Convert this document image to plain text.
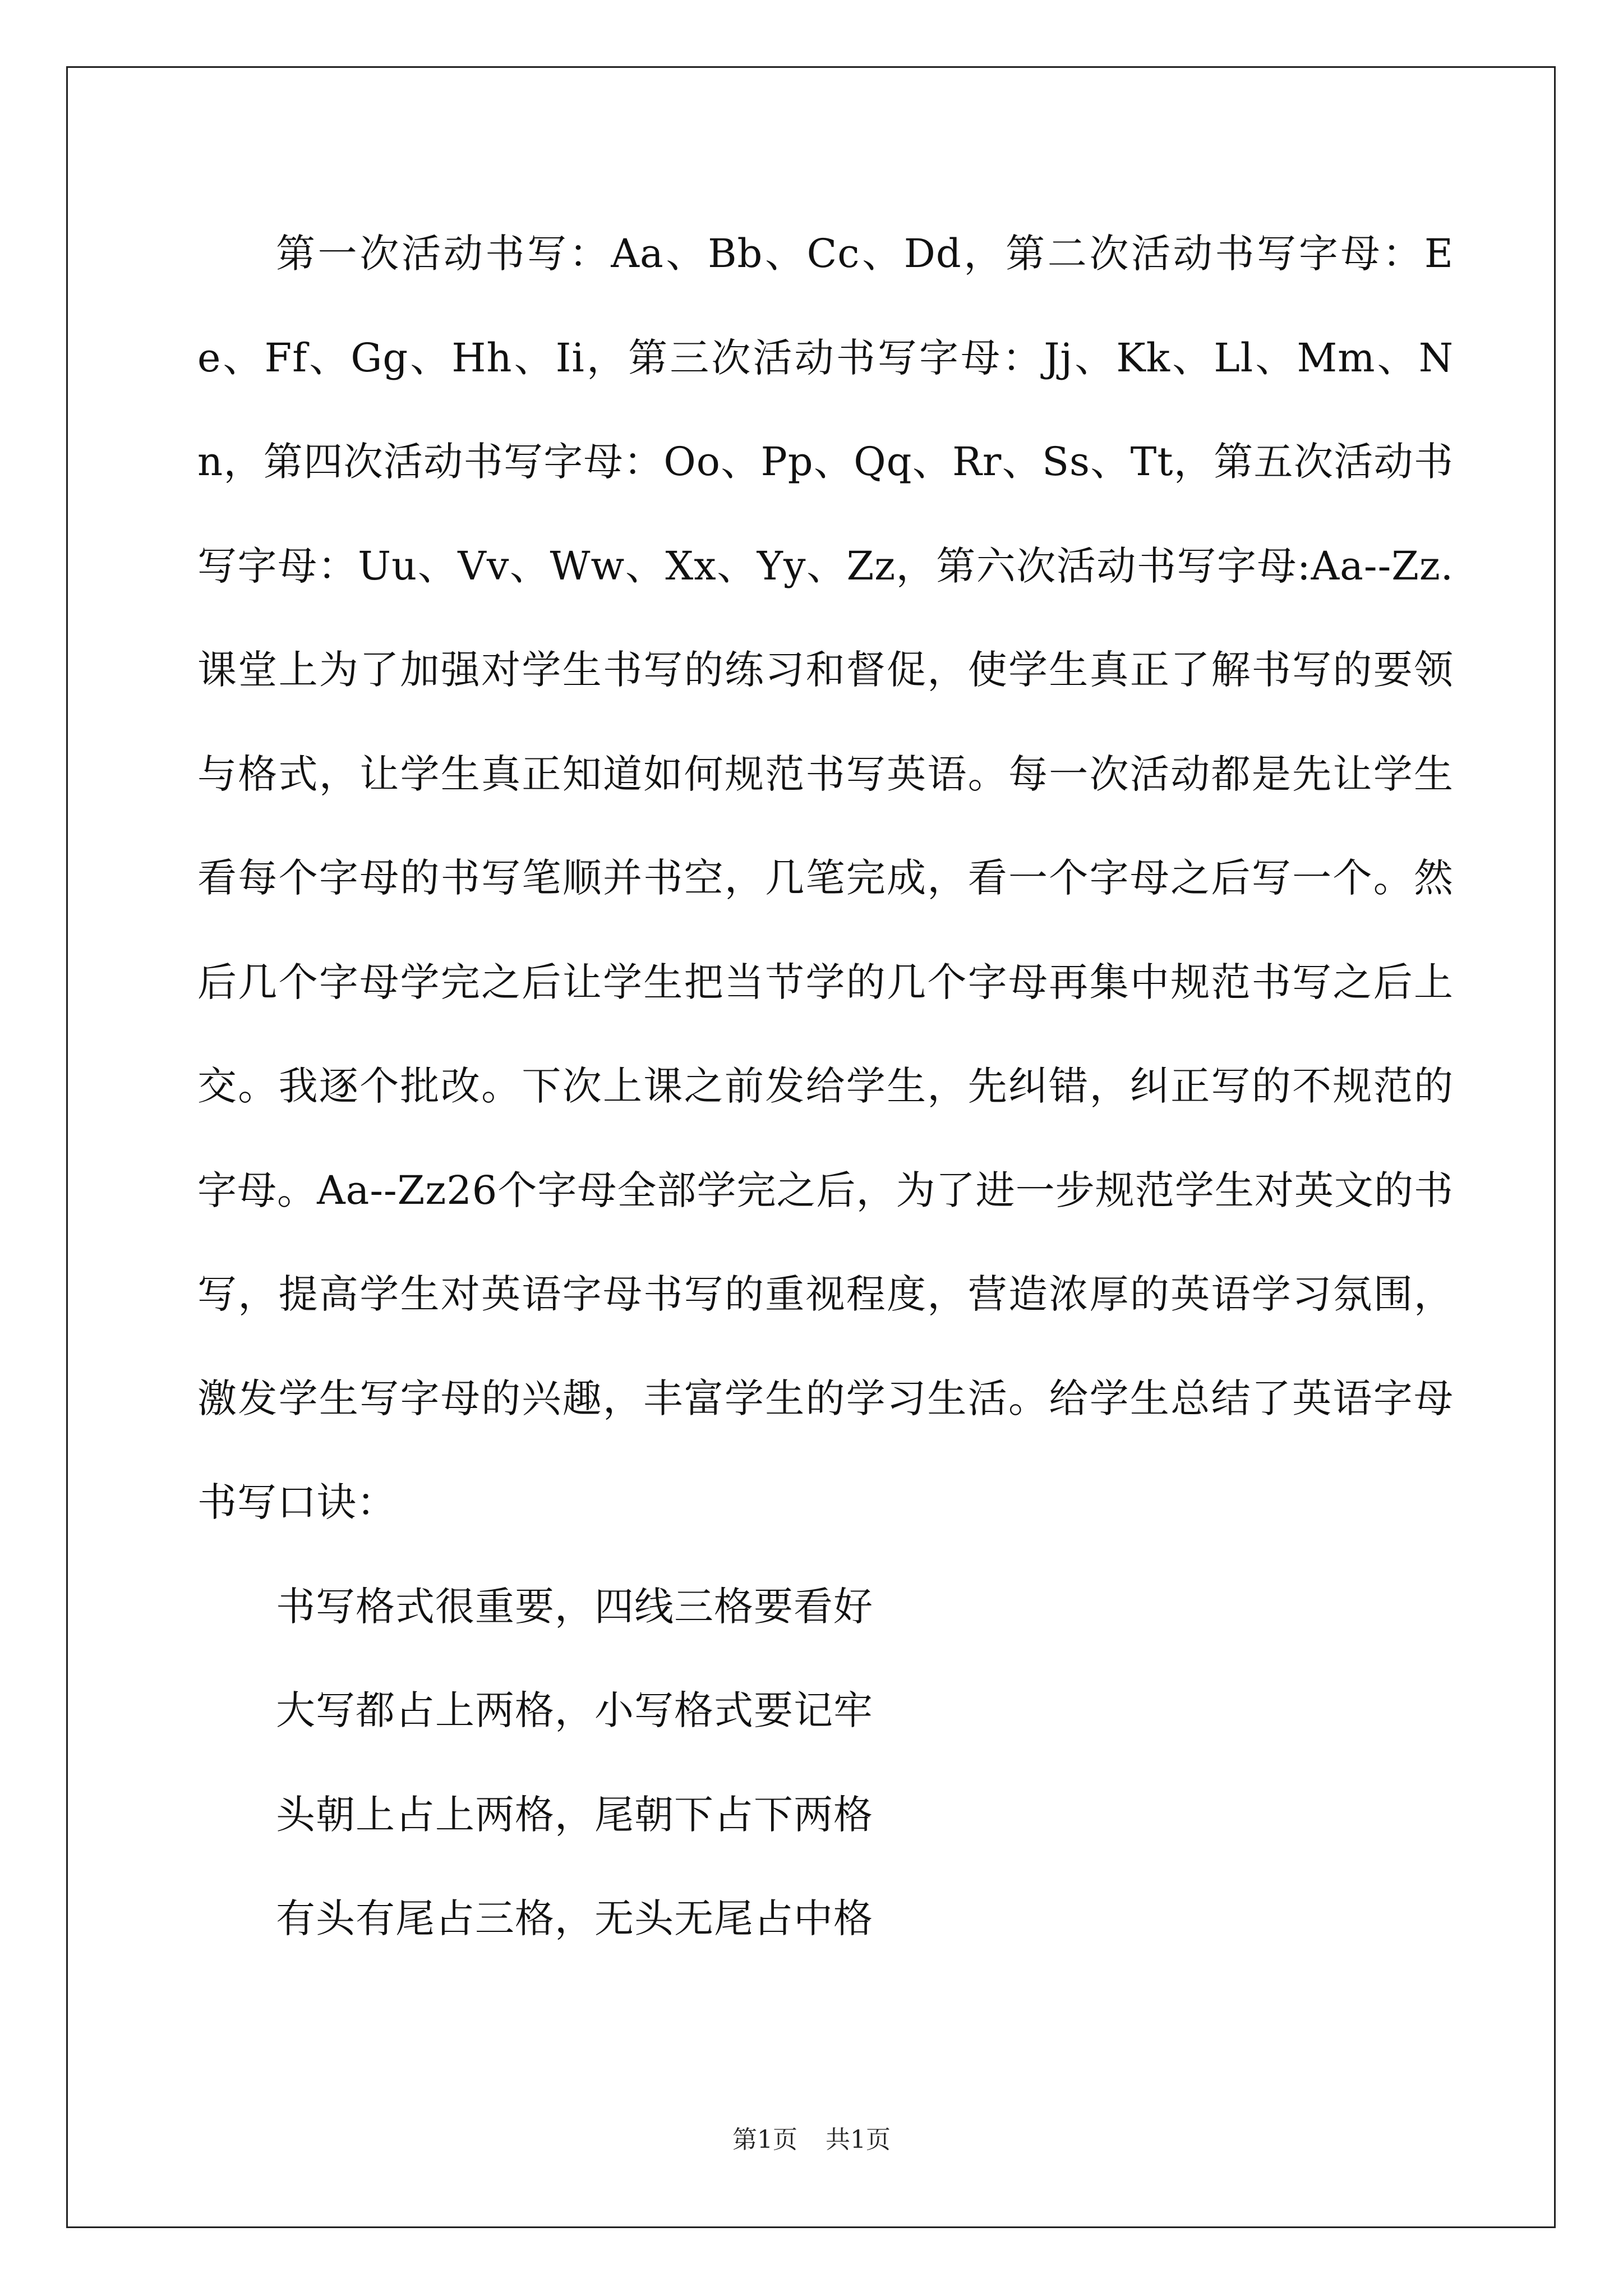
第一次活动书写：Aa、Bb、Cc、Dd，第二次活动书写字母：Ee、Ff、Gg、Hh、Ii，第三次活动书写字母：Jj、Kk、Ll、Mm、Nn，第四次活动书写字母：Oo、Pp、Qq、Rr、Ss、Tt，第五次活动书写字母：Uu、Vv、Ww、Xx、Yy、Zz，第六次活动书写字母:Aa--Zz.课堂上为了加强对学生书写的练习和督促，使学生真正了解书写的要领与格式，让学生真正知道如何规范书写英语。每一次活动都是先让学生看每个字母的书写笔顺并书空，几笔完成，看一个字母之后写一个。然后几个字母学完之后让学生把当节学的几个字母再集中规范书写之后上交。我逐个批改。下次上课之前发给学生，先纠错，纠正写的不规范的字母。Aa--Zz26个字母全部学完之后，为了进一步规范学生对英文的书写，提高学生对英语字母书写的重视程度，营造浓厚的英语学习氛围，激发学生写字母的兴趣，丰富学生的学习生活。给学生总结了英语字母书写口诀：

书写格式很重要，四线三格要看好

大写都占上两格，小写格式要记牢

头朝上占上两格，尾朝下占下两格

有头有尾占三格，无头无尾占中格

第1页 共1页
